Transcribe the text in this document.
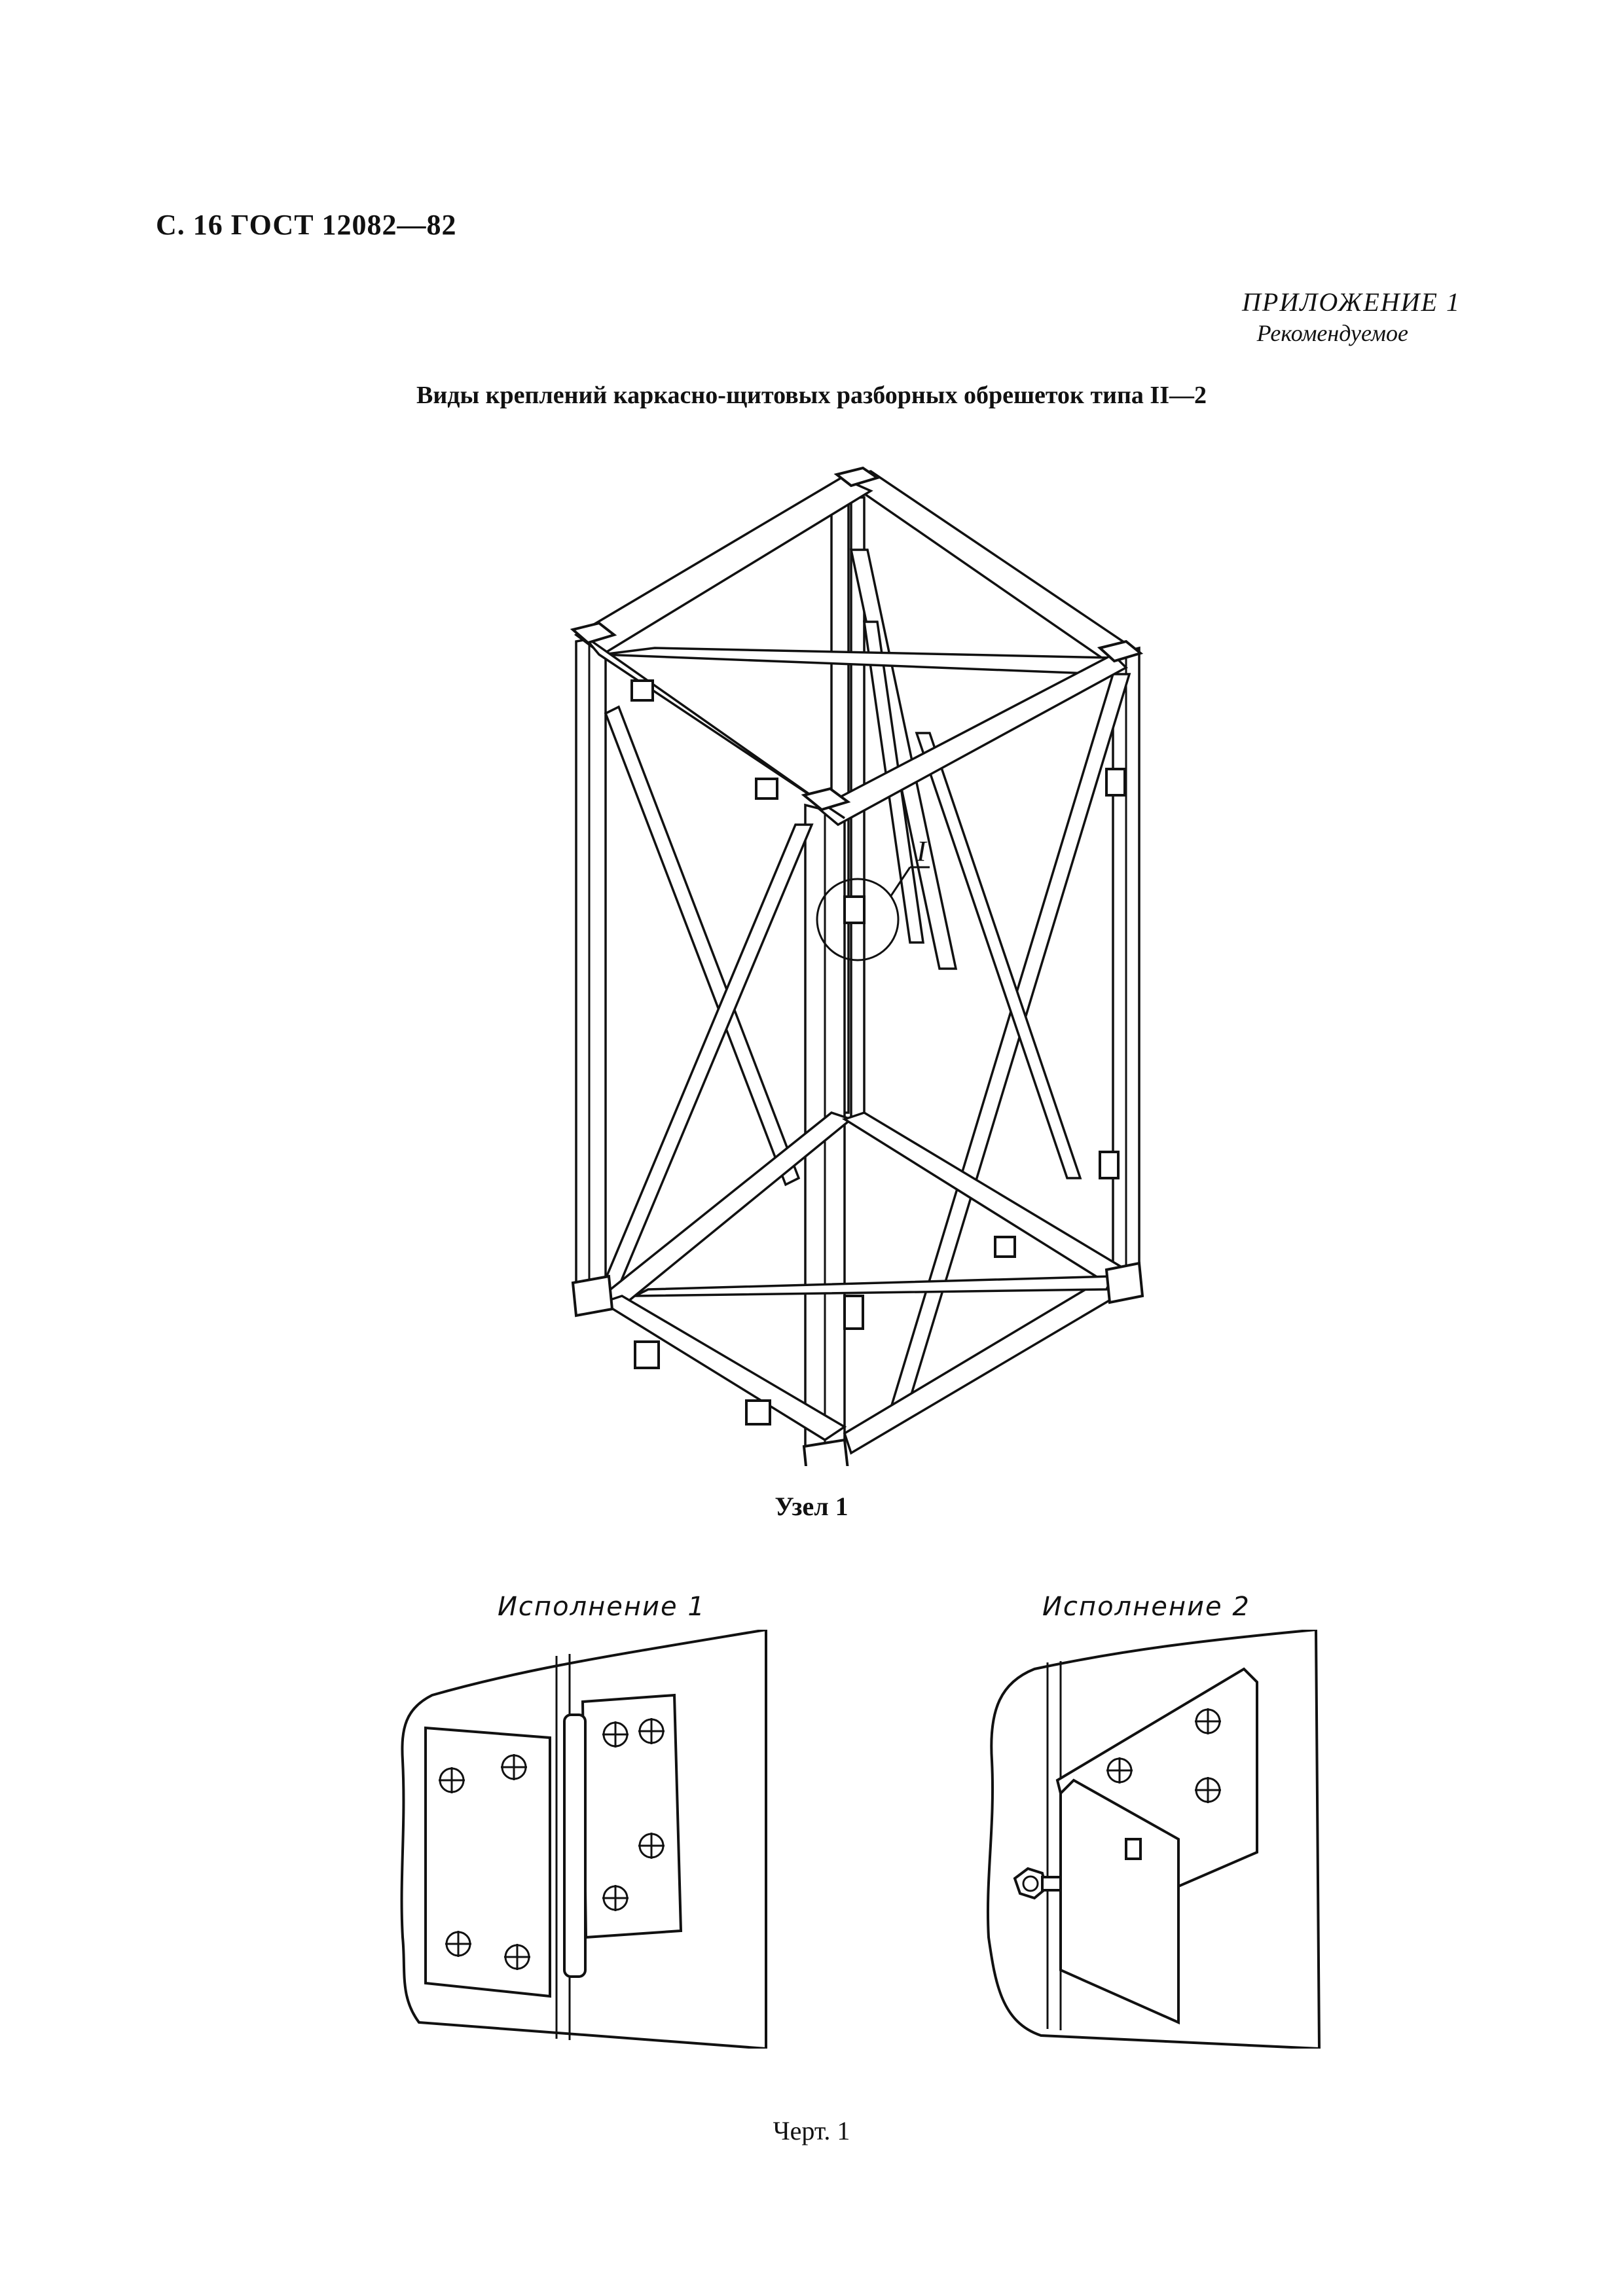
С. 16 ГОСТ 12082—82
ПРИЛОЖЕНИЕ 1
Рекомендуемое
Виды креплений каркасно-щитовых разборных обрешеток типа II—2
I
Узел 1
Исполнение 1	Исполнение 2
Черт. 1
